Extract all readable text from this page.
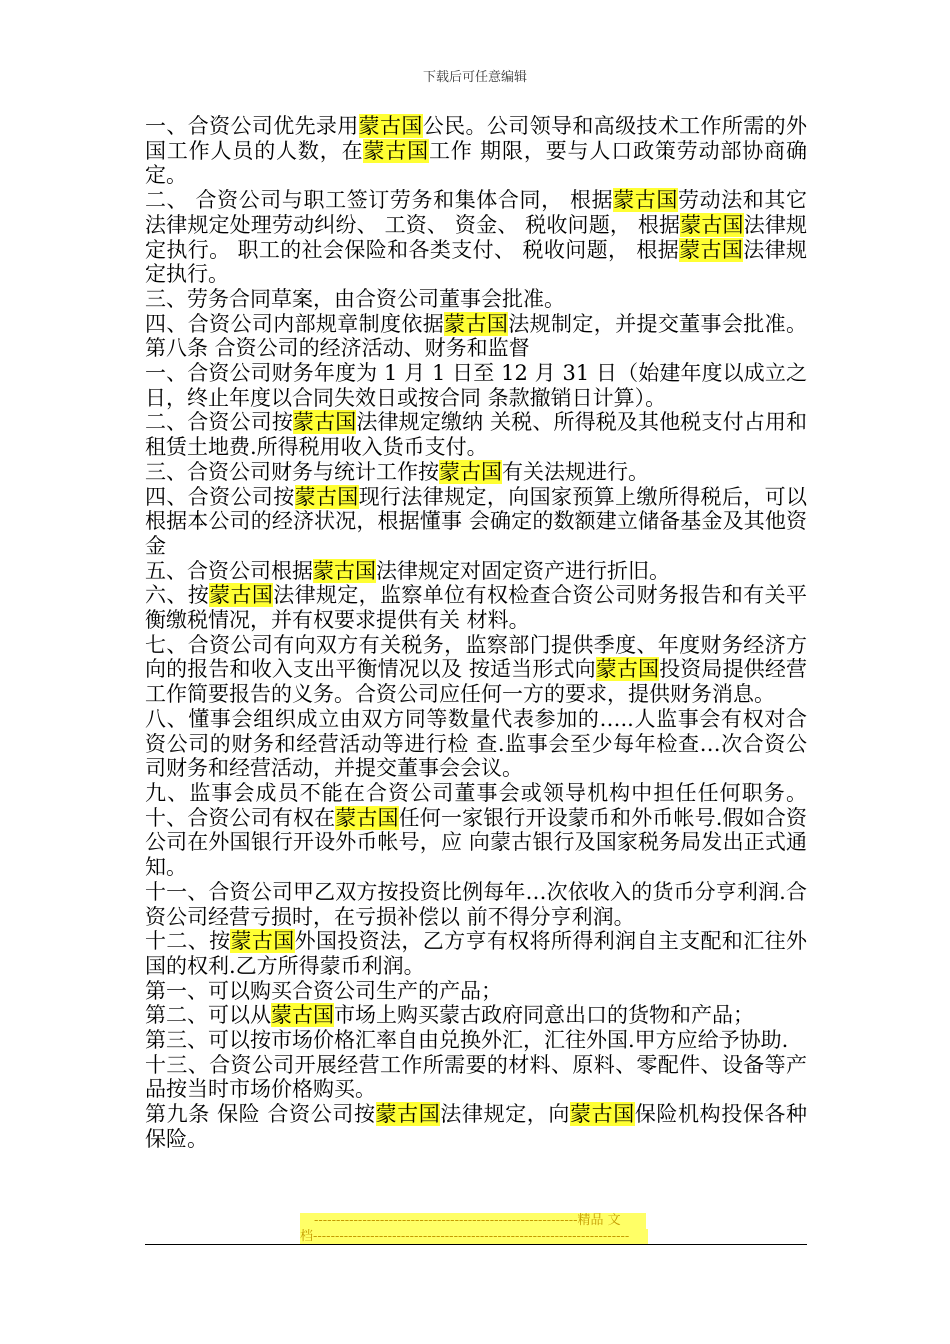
下载后可任意编辑

一、合资公司优先录用蒙古国公民。公司领导和高级技术工作所需的外国工作人员的人数，在蒙古国工作 期限，要与人口政策劳动部协商确定。

二、 合资公司与职工签订劳务和集体合同， 根据蒙古国劳动法和其它法律规定处理劳动纠纷、 工资、 资金、 税收问题， 根据蒙古国法律规定执行。 职工的社会保险和各类支付、 税收问题， 根据蒙古国法律规定执行。

三、劳务合同草案，由合资公司董事会批准。

四、合资公司内部规章制度依据蒙古国法规制定，并提交董事会批准。 第八条 合资公司的经济活动、财务和监督

一、合资公司财务年度为 1 月 1 日至 12 月 31 日（始建年度以成立之日，终止年度以合同失效日或按合同 条款撤销日计算）。

二、合资公司按蒙古国法律规定缴纳 关税、所得税及其他税支付占用和租赁土地费.所得税用收入货币支付。

三、合资公司财务与统计工作按蒙古国有关法规进行。

四、合资公司按蒙古国现行法律规定，向国家预算上缴所得税后，可以根据本公司的经济状况，根据懂事 会确定的数额建立储备基金及其他资金

五、合资公司根据蒙古国法律规定对固定资产进行折旧。

六、按蒙古国法律规定，监察单位有权检查合资公司财务报告和有关平衡缴税情况，并有权要求提供有关 材料。

七、合资公司有向双方有关税务，监察部门提供季度、年度财务经济方向的报告和收入支出平衡情况以及 按适当形式向蒙古国投资局提供经营工作简要报告的义务。合资公司应任何一方的要求，提供财务消息。

八、懂事会组织成立由双方同等数量代表参加的…..人监事会有权对合资公司的财务和经营活动等进行检 查.监事会至少每年检查…次合资公司财务和经营活动，并提交董事会会议。

九、监事会成员不能在合资公司董事会或领导机构中担任任何职务。 十、合资公司有权在蒙古国任何一家银行开设蒙币和外币帐号.假如合资公司在外国银行开设外币帐号，应 向蒙古银行及国家税务局发出正式通知。

十一、合资公司甲乙双方按投资比例每年…次依收入的货币分亨利润.合资公司经营亏损时，在亏损补偿以 前不得分亨利润。

十二、按蒙古国外国投资法，乙方亨有权将所得利润自主支配和汇往外国的权利.乙方所得蒙币利润。

第一、可以购买合资公司生产的产品；

第二、可以从蒙古国市场上购买蒙古政府同意出口的货物和产品；

第三、可以按市场价格汇率自由兑换外汇，汇往外国.甲方应给予协助.

十三、合资公司开展经营工作所需要的材料、原料、零配件、设备等产品按当时市场价格购买。

第九条 保险 合资公司按蒙古国法律规定，向蒙古国保险机构投保各种保险。

------------------------------------------------------------精品 文
档------------------------------------------------------------------------
